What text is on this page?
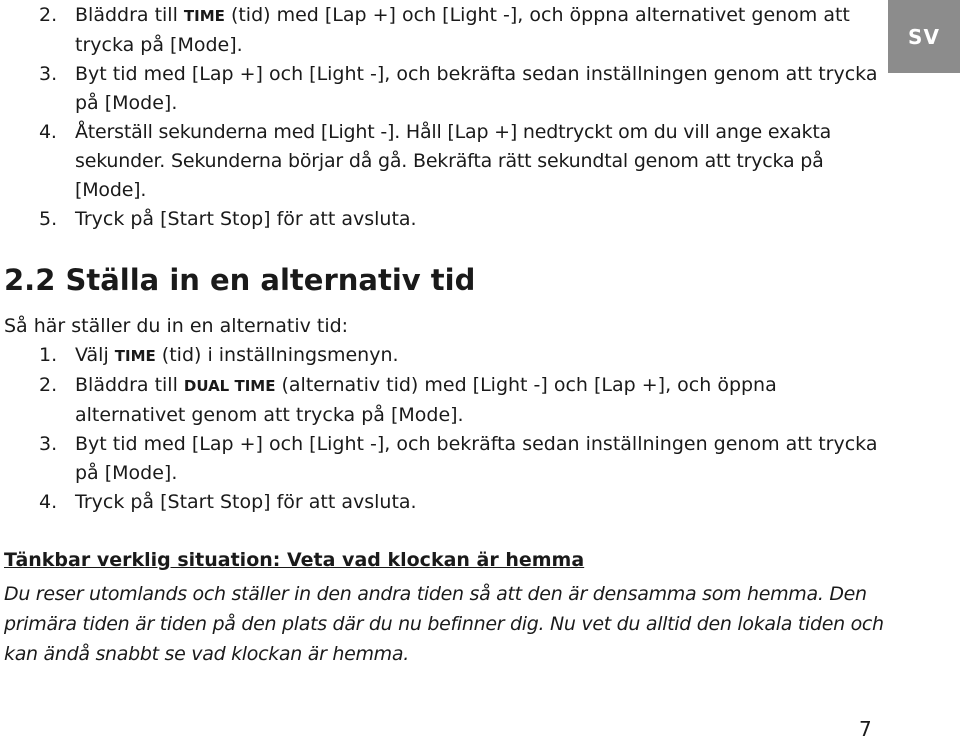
SV
2. Bläddra till TIME (tid) med [Lap +] och [Light -], och öppna alternativet genom att trycka på [Mode].
3. Byt tid med [Lap +] och [Light -], och bekräfta sedan inställningen genom att trycka på [Mode].
4. Återställ sekunderna med [Light -]. Håll [Lap +] nedtryckt om du vill ange exakta sekunder. Sekunderna börjar då gå. Bekräfta rätt sekundtal genom att trycka på [Mode].
5. Tryck på [Start Stop] för att avsluta.
2.2 Ställa in en alternativ tid

Så här ställer du in en alternativ tid:

1. Välj TIME (tid) i inställningsmenyn.
2. Bläddra till DUAL TIME (alternativ tid) med [Light -] och [Lap +], och öppna alternativet genom att trycka på [Mode].
3. Byt tid med [Lap +] och [Light -], och bekräfta sedan inställningen genom att trycka på [Mode].
4. Tryck på [Start Stop] för att avsluta.

Tänkbar verklig situation: Veta vad klockan är hemma

Du reser utomlands och ställer in den andra tiden så att den är densamma som hemma. Den primära tiden är tiden på den plats där du nu befinner dig. Nu vet du alltid den lokala tiden och kan ändå snabbt se vad klockan är hemma.

7
